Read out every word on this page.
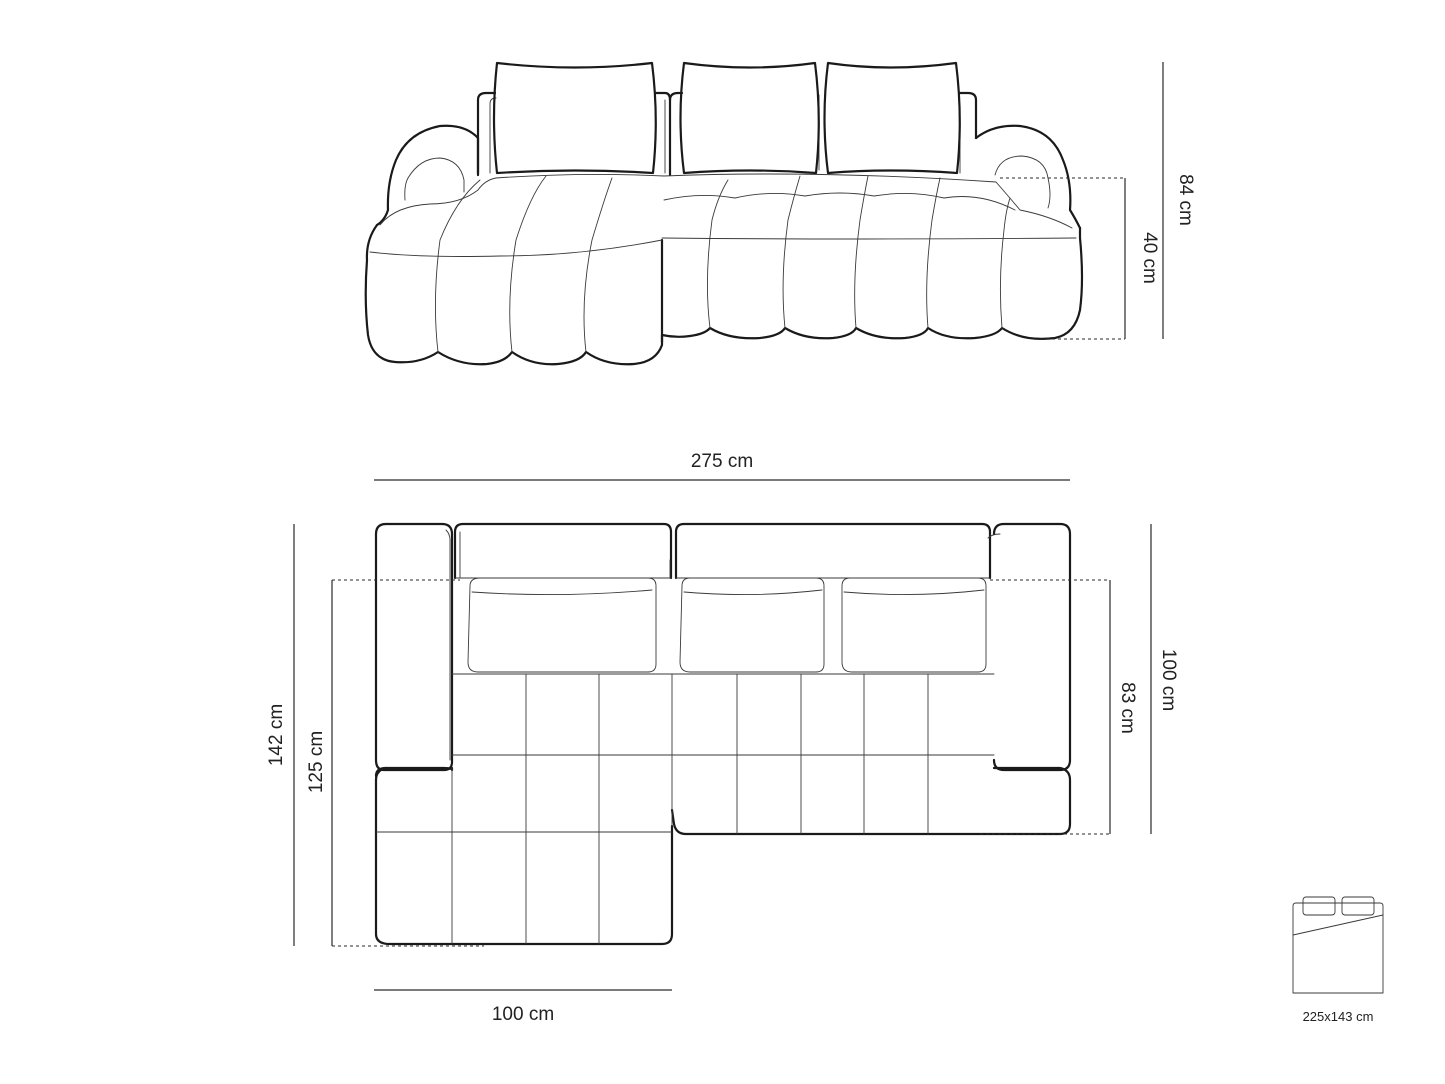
40 cm
84 cm
275 cm
142 cm 125 cm
83 cm 100 cm
100 cm	225x143 cm
